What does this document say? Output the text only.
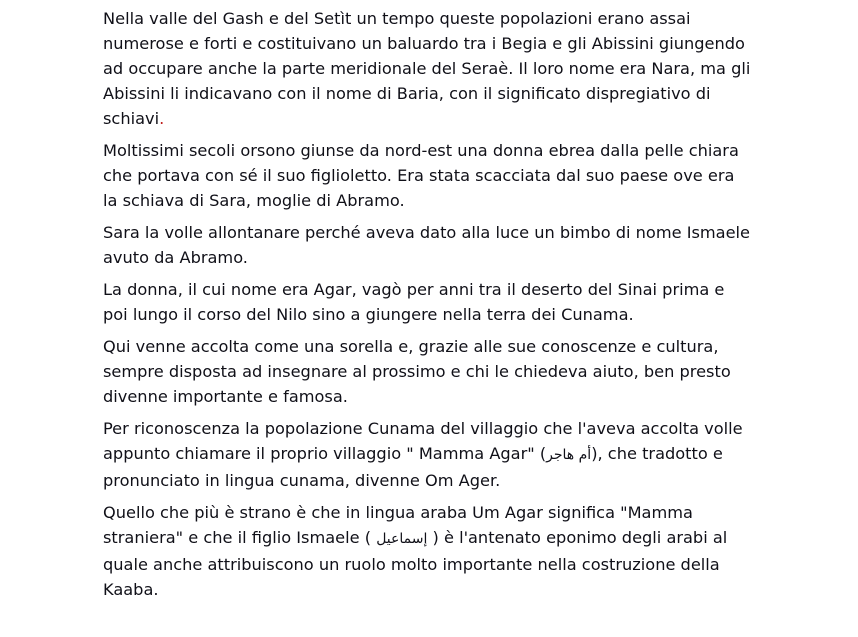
Nella valle del Gash e del Setìt un tempo queste popolazioni erano assai numerose e forti e costituivano un baluardo tra i Begia e gli Abissini giungendo ad occupare anche la parte meridionale del Seraè. Il loro nome era Nara, ma gli Abissini li indicavano con il nome di Baria, con il significato dispregiativo di schiavi.

Moltissimi secoli orsono giunse da nord-est una donna ebrea dalla pelle chiara che portava con sé il suo figlioletto. Era stata scacciata dal suo paese ove era la schiava di Sara, moglie di Abramo.

Sara la volle allontanare perché aveva dato alla luce un bimbo di nome Ismaele avuto da Abramo.

La donna, il cui nome era Agar, vagò per anni tra il deserto del Sinai prima e poi lungo il corso del Nilo sino a giungere nella terra dei Cunama.

Qui venne accolta come una sorella e, grazie alle sue conoscenze e cultura, sempre disposta ad insegnare al prossimo e chi le chiedeva aiuto, ben presto divenne importante e famosa.

Per riconoscenza la popolazione Cunama del villaggio che l'aveva accolta volle appunto chiamare il proprio villaggio " Mamma Agar" (أم هاجر), che tradotto e pronunciato in lingua cunama, divenne Om Ager.

Quello che più è strano è che in lingua araba Um Agar significa "Mamma straniera" e che il figlio Ismaele ( إسماعيل ) è l'antenato eponimo degli arabi al quale anche attribuiscono un ruolo molto importante nella costruzione della Kaaba.
